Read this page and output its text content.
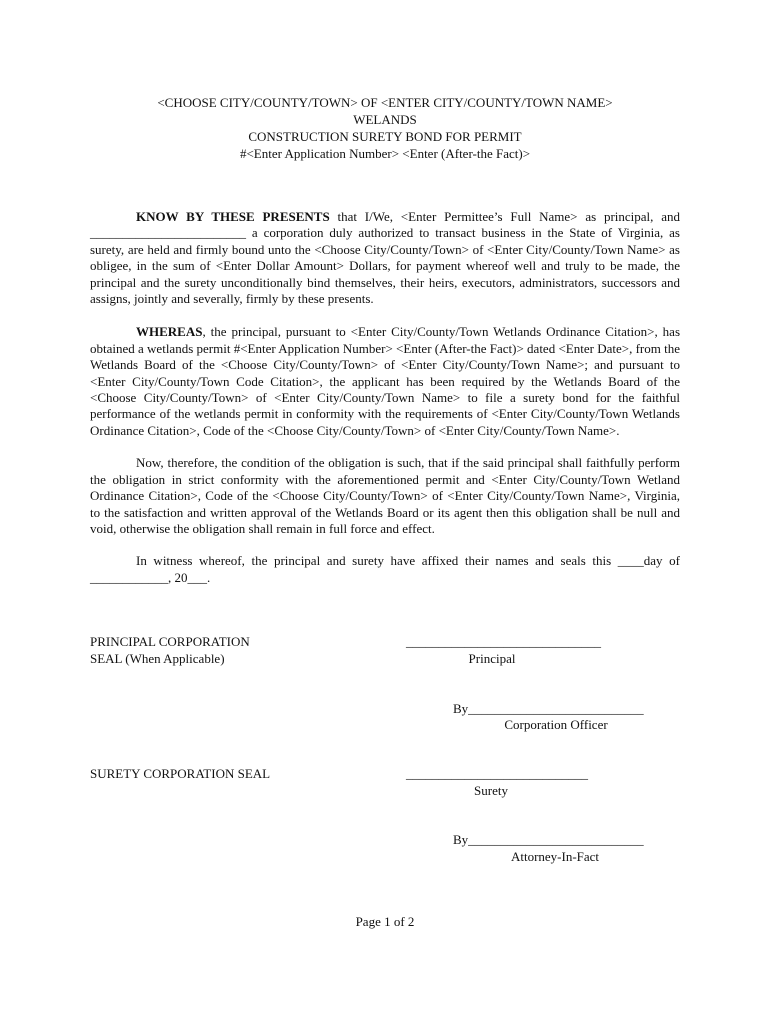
<CHOOSE CITY/COUNTY/TOWN> OF <ENTER CITY/COUNTY/TOWN NAME>
WELANDS
CONSTRUCTION SURETY BOND FOR PERMIT
#<Enter Application Number> <Enter (After-the Fact)>

KNOW BY THESE PRESENTS that I/We, <Enter Permittee’s Full Name> as principal, and ________________________ a corporation duly authorized to transact business in the State of Virginia, as surety, are held and firmly bound unto the <Choose City/County/Town> of <Enter City/County/Town Name> as obligee, in the sum of <Enter Dollar Amount> Dollars, for payment whereof well and truly to be made, the principal and the surety unconditionally bind themselves, their heirs, executors, administrators, successors and assigns, jointly and severally, firmly by these presents.

WHEREAS, the principal, pursuant to <Enter City/County/Town Wetlands Ordinance Citation>, has obtained a wetlands permit #<Enter Application Number> <Enter (After-the Fact)> dated <Enter Date>, from the Wetlands Board of the <Choose City/County/Town> of <Enter City/County/Town Name>; and pursuant to <Enter City/County/Town Code Citation>, the applicant has been required by the Wetlands Board of the <Choose City/County/Town> of <Enter City/County/Town Name> to file a surety bond for the faithful performance of the wetlands permit in conformity with the requirements of <Enter City/County/Town Wetlands Ordinance Citation>, Code of the <Choose City/County/Town> of <Enter City/County/Town Name>.

Now, therefore, the condition of the obligation is such, that if the said principal shall faithfully perform the obligation in strict conformity with the aforementioned permit and <Enter City/County/Town Wetland Ordinance Citation>, Code of the <Choose City/County/Town> of <Enter City/County/Town Name>, Virginia, to the satisfaction and written approval of the Wetlands Board or its agent then this obligation shall be null and void, otherwise the obligation shall remain in full force and effect.

In witness whereof, the principal and surety have affixed their names and seals this ____day of ____________, 20___.

PRINCIPAL CORPORATION
SEAL (When Applicable)
______________________________
Principal
By___________________________
Corporation Officer
SURETY CORPORATION SEAL	____________________________
Surety
By___________________________
Attorney-In-Fact
Page 1 of 2
